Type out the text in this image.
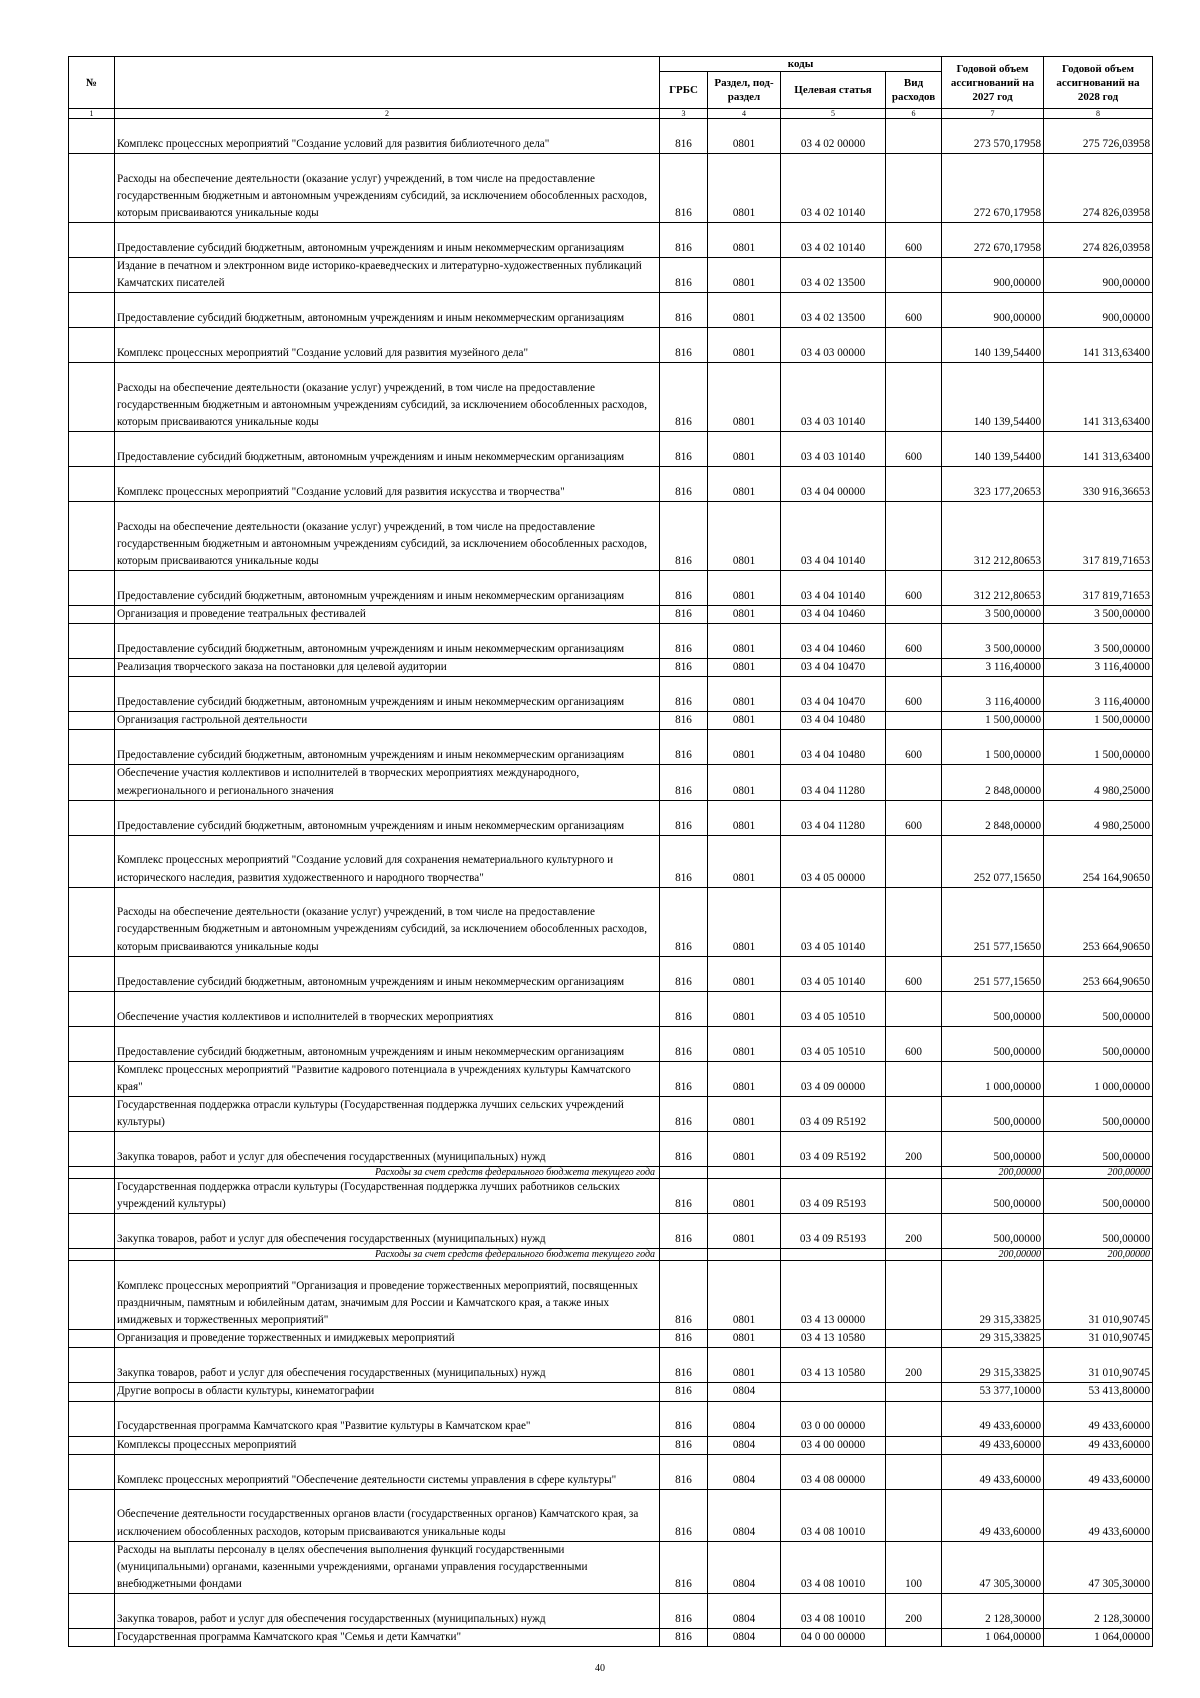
№		коды				Годовой объем ассигнований на 2027 год	Годовой объем ассигнований на 2028 год
		ГРБС	Раздел, под-раздел	Целевая статья	Вид расходов		
1	2	3	4	5	6	7	8
	Комплекс процессных мероприятий "Создание условий для развития библиотечного дела"	816	0801	03 4 02 00000		273 570,17958	275 726,03958
	Расходы на обеспечение деятельности (оказание услуг) учреждений, в том числе на предоставление государственным бюджетным и автономным учреждениям субсидий, за исключением обособленных расходов, которым присваиваются уникальные коды	816	0801	03 4 02 10140		272 670,17958	274 826,03958
	Предоставление субсидий бюджетным, автономным учреждениям и иным некоммерческим организациям	816	0801	03 4 02 10140	600	272 670,17958	274 826,03958
	Издание в печатном и электронном виде историко-краеведческих и литературно-художественных публикаций Камчатских писателей	816	0801	03 4 02 13500		900,00000	900,00000
	Предоставление субсидий бюджетным, автономным учреждениям и иным некоммерческим организациям	816	0801	03 4 02 13500	600	900,00000	900,00000
	Комплекс процессных мероприятий "Создание условий для развития музейного дела"	816	0801	03 4 03 00000		140 139,54400	141 313,63400
	Расходы на обеспечение деятельности (оказание услуг) учреждений, в том числе на предоставление государственным бюджетным и автономным учреждениям субсидий, за исключением обособленных расходов, которым присваиваются уникальные коды	816	0801	03 4 03 10140		140 139,54400	141 313,63400
	Предоставление субсидий бюджетным, автономным учреждениям и иным некоммерческим организациям	816	0801	03 4 03 10140	600	140 139,54400	141 313,63400
	Комплекс процессных мероприятий "Создание условий для развития искусства и творчества"	816	0801	03 4 04 00000		323 177,20653	330 916,36653
	Расходы на обеспечение деятельности (оказание услуг) учреждений, в том числе на предоставление государственным бюджетным и автономным учреждениям субсидий, за исключением обособленных расходов, которым присваиваются уникальные коды	816	0801	03 4 04 10140		312 212,80653	317 819,71653
	Предоставление субсидий бюджетным, автономным учреждениям и иным некоммерческим организациям	816	0801	03 4 04 10140	600	312 212,80653	317 819,71653
	Организация и проведение театральных фестивалей	816	0801	03 4 04 10460		3 500,00000	3 500,00000
	Предоставление субсидий бюджетным, автономным учреждениям и иным некоммерческим организациям	816	0801	03 4 04 10460	600	3 500,00000	3 500,00000
	Реализация творческого заказа на постановки для целевой аудитории	816	0801	03 4 04 10470		3 116,40000	3 116,40000
	Предоставление субсидий бюджетным, автономным учреждениям и иным некоммерческим организациям	816	0801	03 4 04 10470	600	3 116,40000	3 116,40000
	Организация гастрольной деятельности	816	0801	03 4 04 10480		1 500,00000	1 500,00000
	Предоставление субсидий бюджетным, автономным учреждениям и иным некоммерческим организациям	816	0801	03 4 04 10480	600	1 500,00000	1 500,00000
	Обеспечение участия коллективов и исполнителей в творческих мероприятиях международного, межрегионального и регионального значения	816	0801	03 4 04 11280		2 848,00000	4 980,25000
	Предоставление субсидий бюджетным, автономным учреждениям и иным некоммерческим организациям	816	0801	03 4 04 11280	600	2 848,00000	4 980,25000
	Комплекс процессных мероприятий "Создание условий для сохранения нематериального культурного и исторического наследия, развития художественного и народного творчества"	816	0801	03 4 05 00000		252 077,15650	254 164,90650
	Расходы на обеспечение деятельности (оказание услуг) учреждений, в том числе на предоставление государственным бюджетным и автономным учреждениям субсидий, за исключением обособленных расходов, которым присваиваются уникальные коды	816	0801	03 4 05 10140		251 577,15650	253 664,90650
	Предоставление субсидий бюджетным, автономным учреждениям и иным некоммерческим организациям	816	0801	03 4 05 10140	600	251 577,15650	253 664,90650
	Обеспечение участия коллективов и исполнителей в творческих мероприятиях	816	0801	03 4 05 10510		500,00000	500,00000
	Предоставление субсидий бюджетным, автономным учреждениям и иным некоммерческим организациям	816	0801	03 4 05 10510	600	500,00000	500,00000
	Комплекс процессных мероприятий "Развитие кадрового потенциала в учреждениях культуры Камчатского края"	816	0801	03 4 09 00000		1 000,00000	1 000,00000
	Государственная поддержка отрасли культуры (Государственная поддержка лучших сельских учреждений культуры)	816	0801	03 4 09 R5192		500,00000	500,00000
	Закупка товаров, работ и услуг для обеспечения государственных (муниципальных) нужд	816	0801	03 4 09 R5192	200	500,00000	500,00000
	Расходы за счет средств федерального бюджета текущего года					200,00000	200,00000
	Государственная поддержка отрасли культуры (Государственная поддержка лучших работников сельских учреждений культуры)	816	0801	03 4 09 R5193		500,00000	500,00000
	Закупка товаров, работ и услуг для обеспечения государственных (муниципальных) нужд	816	0801	03 4 09 R5193	200	500,00000	500,00000
	Расходы за счет средств федерального бюджета текущего года					200,00000	200,00000
	Комплекс процессных мероприятий "Организация и проведение торжественных мероприятий, посвященных праздничным, памятным и юбилейным датам, значимым для России и Камчатского края, а также иных имиджевых и торжественных мероприятий"	816	0801	03 4 13 00000		29 315,33825	31 010,90745
	Организация и проведение торжественных и имиджевых мероприятий	816	0801	03 4 13 10580		29 315,33825	31 010,90745
	Закупка товаров, работ и услуг для обеспечения государственных (муниципальных) нужд	816	0801	03 4 13 10580	200	29 315,33825	31 010,90745
	Другие вопросы в области культуры, кинематографии	816	0804			53 377,10000	53 413,80000
	Государственная программа Камчатского края "Развитие культуры в Камчатском крае"	816	0804	03 0 00 00000		49 433,60000	49 433,60000
	Комплексы процессных мероприятий	816	0804	03 4 00 00000		49 433,60000	49 433,60000
	Комплекс процессных мероприятий "Обеспечение деятельности системы управления в сфере культуры"	816	0804	03 4 08 00000		49 433,60000	49 433,60000
	Обеспечение деятельности государственных органов власти (государственных органов) Камчатского края, за исключением обособленных расходов, которым присваиваются уникальные коды	816	0804	03 4 08 10010		49 433,60000	49 433,60000
	Расходы на выплаты персоналу в целях обеспечения выполнения функций государственными (муниципальными) органами, казенными учреждениями, органами управления государственными внебюджетными фондами	816	0804	03 4 08 10010	100	47 305,30000	47 305,30000
	Закупка товаров, работ и услуг для обеспечения государственных (муниципальных) нужд	816	0804	03 4 08 10010	200	2 128,30000	2 128,30000
	Государственная программа Камчатского края "Семья и дети Камчатки"	816	0804	04 0 00 00000		1 064,00000	1 064,00000
40
